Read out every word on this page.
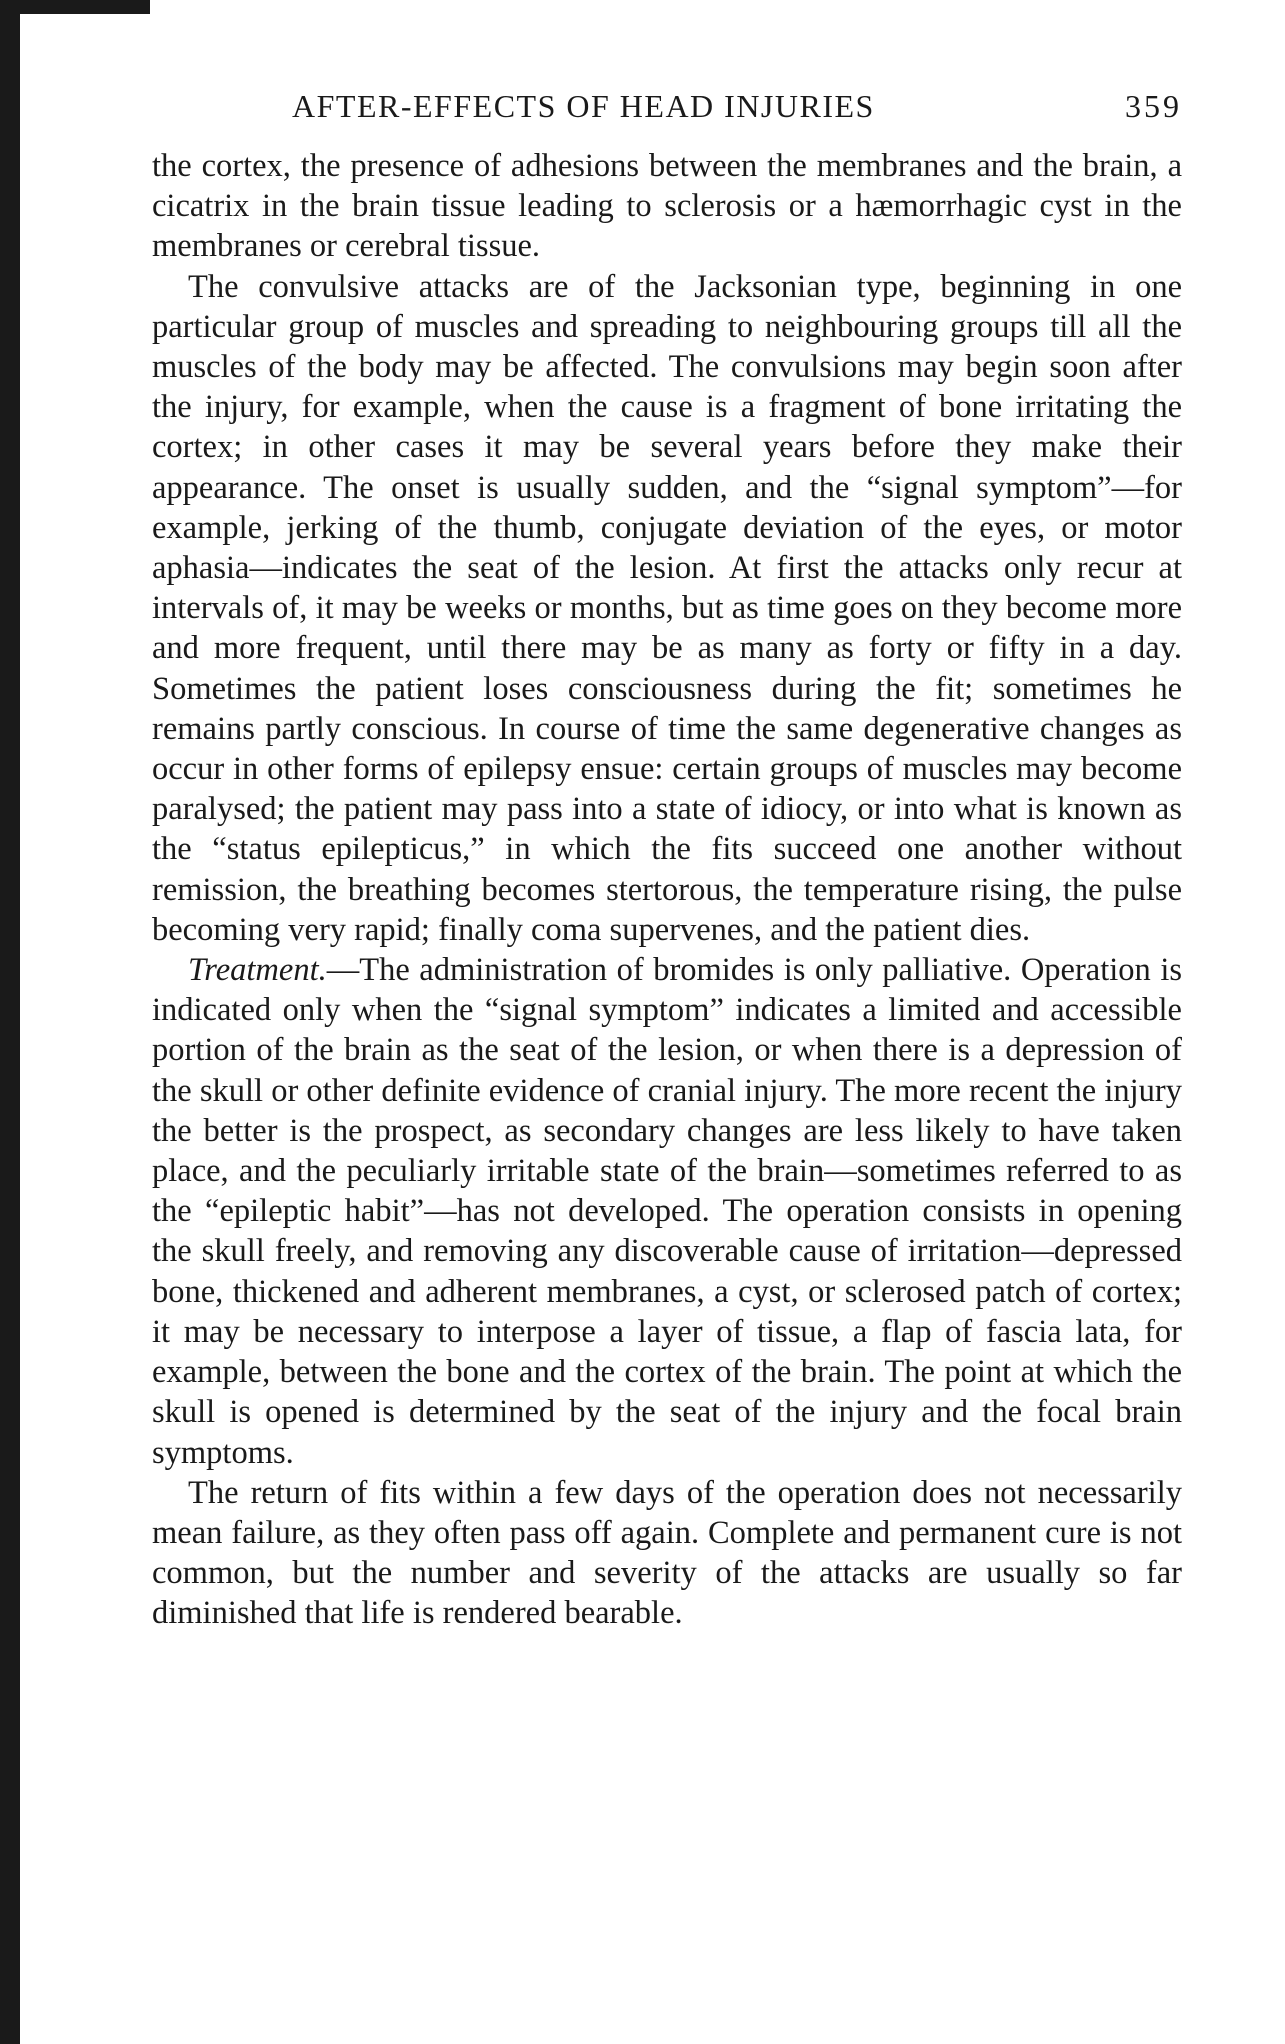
AFTER-EFFECTS OF HEAD INJURIES	359

the cortex, the presence of adhesions between the membranes and the brain, a cicatrix in the brain tissue leading to sclerosis or a hæmorrhagic cyst in the membranes or cerebral tissue.

The convulsive attacks are of the Jacksonian type, beginning in one particular group of muscles and spreading to neighbouring groups till all the muscles of the body may be affected. The convulsions may begin soon after the injury, for example, when the cause is a fragment of bone irritating the cortex; in other cases it may be several years before they make their appearance. The onset is usually sudden, and the “signal symptom”—for example, jerking of the thumb, conjugate deviation of the eyes, or motor aphasia—indicates the seat of the lesion. At first the attacks only recur at intervals of, it may be weeks or months, but as time goes on they become more and more frequent, until there may be as many as forty or fifty in a day. Sometimes the patient loses consciousness during the fit; sometimes he remains partly conscious. In course of time the same degenerative changes as occur in other forms of epilepsy ensue: certain groups of muscles may become paralysed; the patient may pass into a state of idiocy, or into what is known as the “status epilepticus,” in which the fits succeed one another without remission, the breathing becomes stertorous, the temperature rising, the pulse becoming very rapid; finally coma supervenes, and the patient dies.

Treatment.—The administration of bromides is only palliative. Operation is indicated only when the “signal symptom” indicates a limited and accessible portion of the brain as the seat of the lesion, or when there is a depression of the skull or other definite evidence of cranial injury. The more recent the injury the better is the prospect, as secondary changes are less likely to have taken place, and the peculiarly irritable state of the brain—sometimes referred to as the “epileptic habit”—has not developed. The operation consists in opening the skull freely, and removing any discoverable cause of irritation—depressed bone, thickened and adherent membranes, a cyst, or sclerosed patch of cortex; it may be necessary to interpose a layer of tissue, a flap of fascia lata, for example, between the bone and the cortex of the brain. The point at which the skull is opened is determined by the seat of the injury and the focal brain symptoms.

The return of fits within a few days of the operation does not necessarily mean failure, as they often pass off again. Complete and permanent cure is not common, but the number and severity of the attacks are usually so far diminished that life is rendered bearable.
